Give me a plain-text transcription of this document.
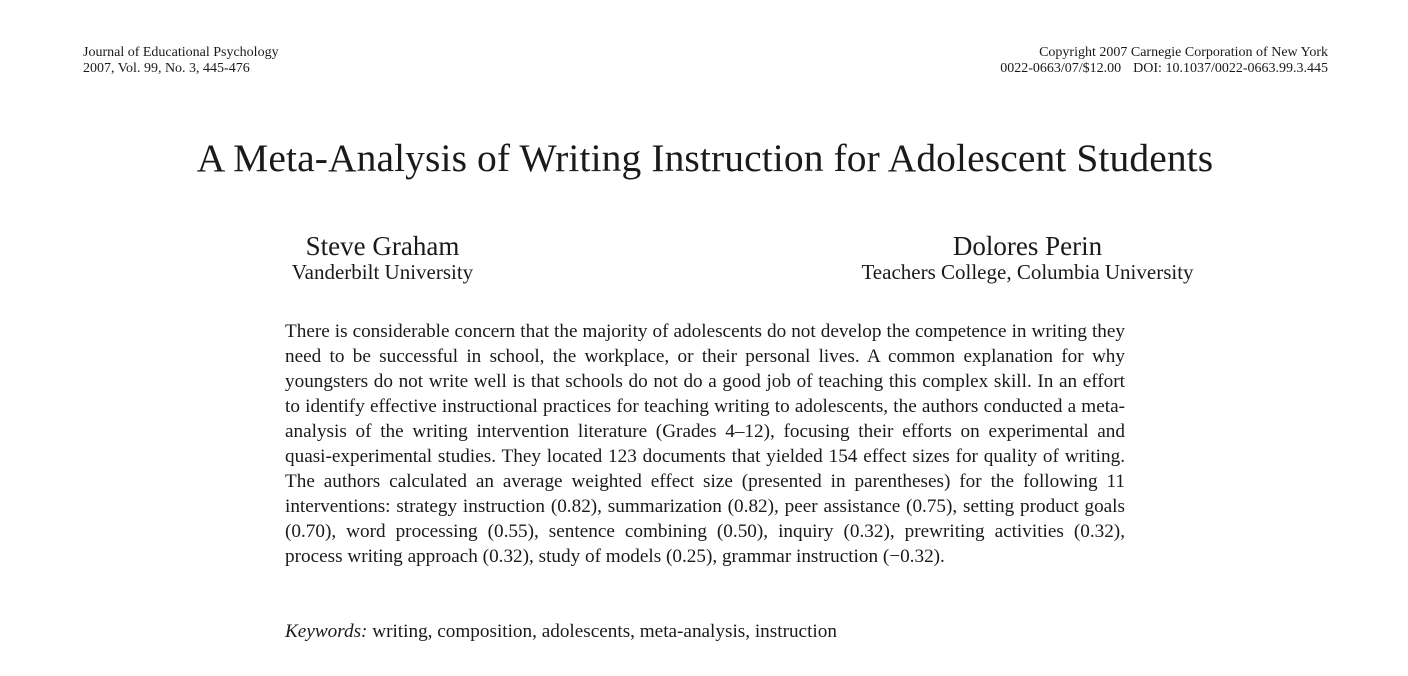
Journal of Educational Psychology
2007, Vol. 99, No. 3, 445-476
Copyright 2007 Carnegie Corporation of New York
0022-0663/07/$12.00 DOI: 10.1037/0022-0663.99.3.445
A Meta-Analysis of Writing Instruction for Adolescent Students
Steve Graham
Vanderbilt University
Dolores Perin
Teachers College, Columbia University

There is considerable concern that the majority of adolescents do not develop the competence in writing they need to be successful in school, the workplace, or their personal lives. A common explanation for why youngsters do not write well is that schools do not do a good job of teaching this complex skill. In an effort to identify effective instructional practices for teaching writing to adolescents, the authors conducted a meta-analysis of the writing intervention literature (Grades 4–12), focusing their efforts on experimental and quasi-experimental studies. They located 123 documents that yielded 154 effect sizes for quality of writing. The authors calculated an average weighted effect size (presented in parentheses) for the following 11 interventions: strategy instruction (0.82), summarization (0.82), peer assistance (0.75), setting product goals (0.70), word processing (0.55), sentence combining (0.50), inquiry (0.32), prewriting activities (0.32), process writing approach (0.32), study of models (0.25), grammar instruction (−0.32).

Keywords: writing, composition, adolescents, meta-analysis, instruction
